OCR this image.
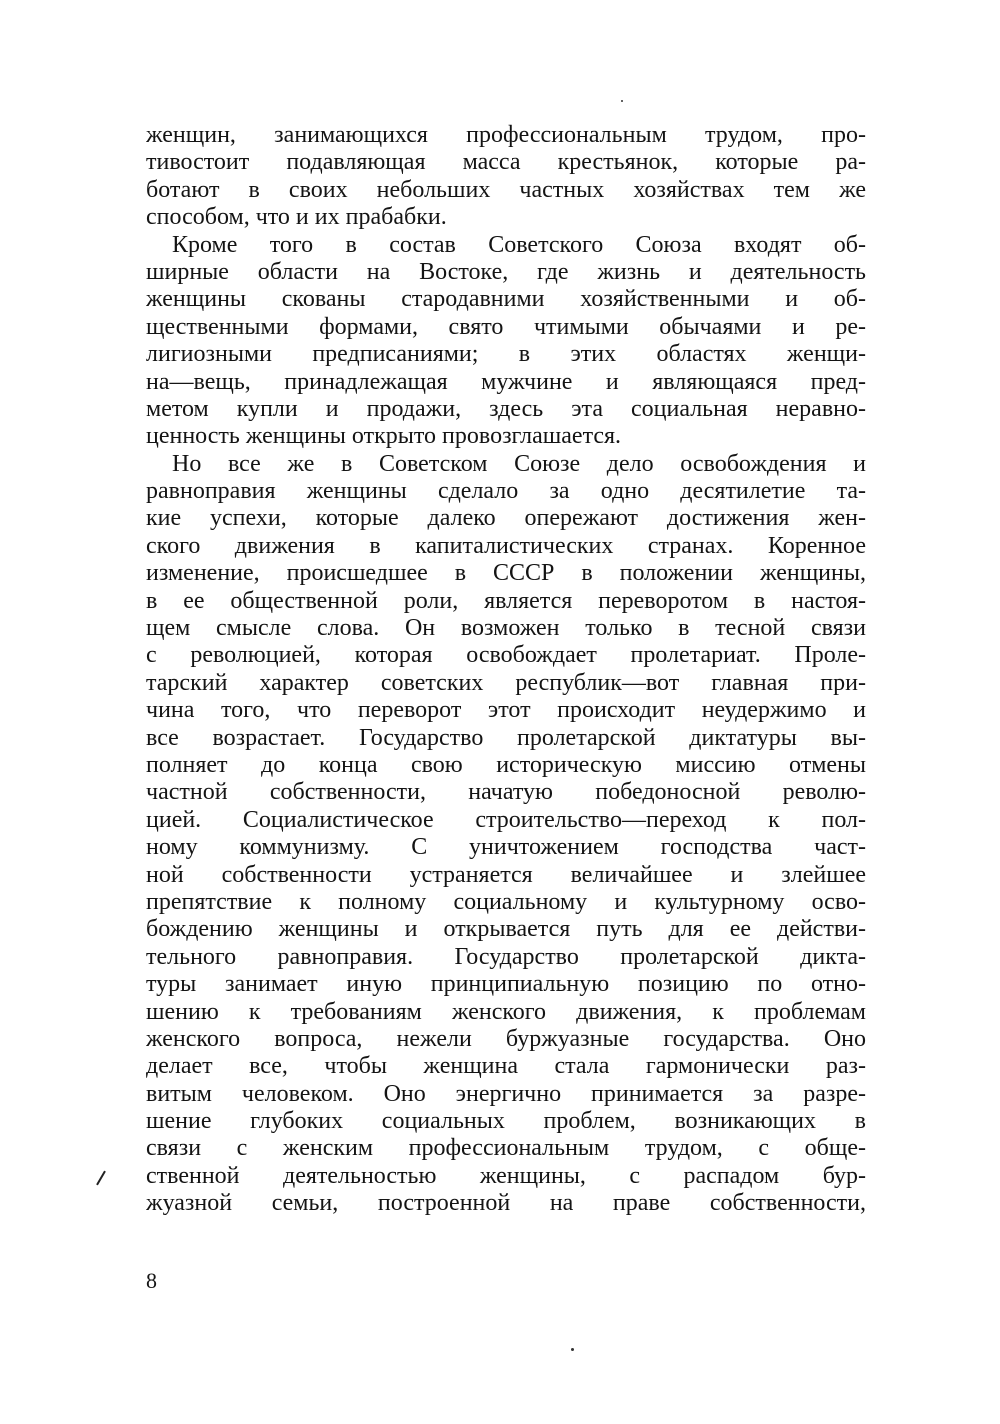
женщин, занимающихся профессиональным трудом, про-
тивостоит подавляющая масса крестьянок, которые ра-
ботают в своих небольших частных хозяйствах тем же
способом, что и их прабабки.
Кроме того в состав Советского Союза входят об-
ширные области на Востоке, где жизнь и деятельность
женщины скованы стародавними хозяйственными и об-
щественными формами, свято чтимыми обычаями и ре-
лигиозными предписаниями; в этих областях женщи-
на—вещь, принадлежащая мужчине и являющаяся пред-
метом купли и продажи, здесь эта социальная неравно-
ценность женщины открыто провозглашается.
Но все же в Советском Союзе дело освобождения и
равноправия женщины сделало за одно десятилетие та-
кие успехи, которые далеко опережают достижения жен-
ского движения в капиталистических странах. Коренное
изменение, происшедшее в СССР в положении женщины,
в ее общественной роли, является переворотом в настоя-
щем смысле слова. Он возможен только в тесной связи
с революцией, которая освобождает пролетариат. Проле-
тарский характер советских республик—вот главная при-
чина того, что переворот этот происходит неудержимо и
все возрастает. Государство пролетарской диктатуры вы-
полняет до конца свою историческую миссию отмены
частной собственности, начатую победоносной револю-
цией. Социалистическое строительство—переход к пол-
ному коммунизму. С уничтожением господства част-
ной собственности устраняется величайшее и злейшее
препятствие к полному социальному и культурному осво-
бождению женщины и открывается путь для ее действи-
тельного равноправия. Государство пролетарской дикта-
туры занимает иную принципиальную позицию по отно-
шению к требованиям женского движения, к проблемам
женского вопроса, нежели буржуазные государства. Оно
делает все, чтобы женщина стала гармонически раз-
витым человеком. Оно энергично принимается за разре-
шение глубоких социальных проблем, возникающих в
связи с женским профессиональным трудом, с обще-
ственной деятельностью женщины, с распадом бур-
жуазной семьи, построенной на праве собственности,
8
